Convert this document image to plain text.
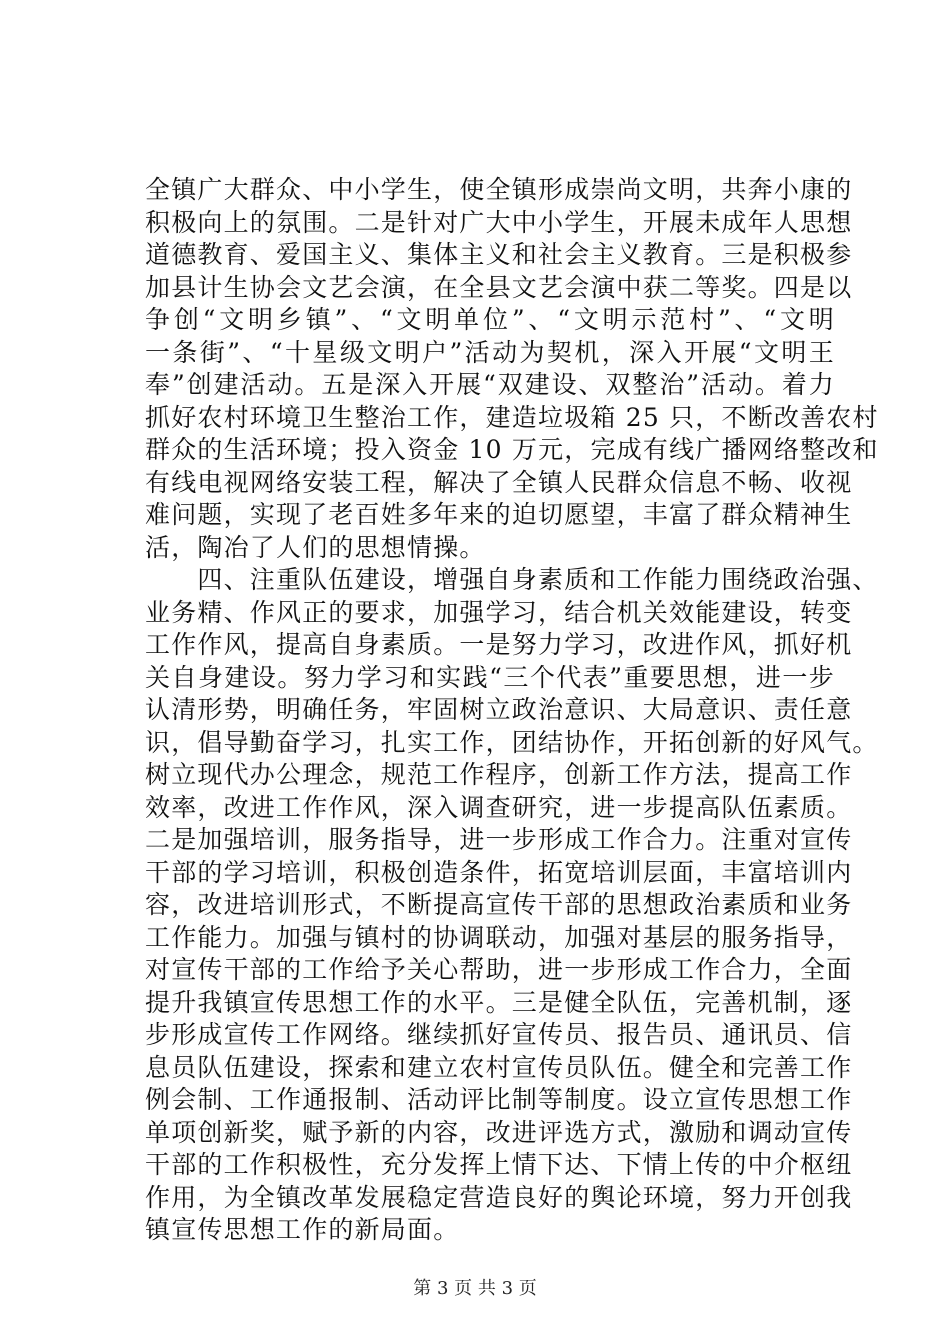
全镇广大群众、中小学生，使全镇形成崇尚文明，共奔小康的
积极向上的氛围。二是针对广大中小学生，开展未成年人思想
道德教育、爱国主义、集体主义和社会主义教育。三是积极参
加县计生协会文艺会演，在全县文艺会演中获二等奖。四是以
争创“文明乡镇”、“文明单位”、“文明示范村”、“文明
一条街”、“十星级文明户”活动为契机，深入开展“文明王
奉”创建活动。五是深入开展“双建设、双整治”活动。着力
抓好农村环境卫生整治工作，建造垃圾箱 25 只，不断改善农村
群众的生活环境；投入资金 10 万元，完成有线广播网络整改和
有线电视网络安装工程，解决了全镇人民群众信息不畅、收视
难问题，实现了老百姓多年来的迫切愿望，丰富了群众精神生
活，陶冶了人们的思想情操。
　　四、注重队伍建设，增强自身素质和工作能力围绕政治强、
业务精、作风正的要求，加强学习，结合机关效能建设，转变
工作作风，提高自身素质。一是努力学习，改进作风，抓好机
关自身建设。努力学习和实践“三个代表”重要思想，进一步
认清形势，明确任务，牢固树立政治意识、大局意识、责任意
识，倡导勤奋学习，扎实工作，团结协作，开拓创新的好风气。
树立现代办公理念，规范工作程序，创新工作方法，提高工作
效率，改进工作作风，深入调查研究，进一步提高队伍素质。
二是加强培训，服务指导，进一步形成工作合力。注重对宣传
干部的学习培训，积极创造条件，拓宽培训层面，丰富培训内
容，改进培训形式，不断提高宣传干部的思想政治素质和业务
工作能力。加强与镇村的协调联动，加强对基层的服务指导，
对宣传干部的工作给予关心帮助，进一步形成工作合力，全面
提升我镇宣传思想工作的水平。三是健全队伍，完善机制，逐
步形成宣传工作网络。继续抓好宣传员、报告员、通讯员、信
息员队伍建设，探索和建立农村宣传员队伍。健全和完善工作
例会制、工作通报制、活动评比制等制度。设立宣传思想工作
单项创新奖，赋予新的内容，改进评选方式，激励和调动宣传
干部的工作积极性，充分发挥上情下达、下情上传的中介枢纽
作用，为全镇改革发展稳定营造良好的舆论环境，努力开创我
镇宣传思想工作的新局面。
第 3 页 共 3 页
